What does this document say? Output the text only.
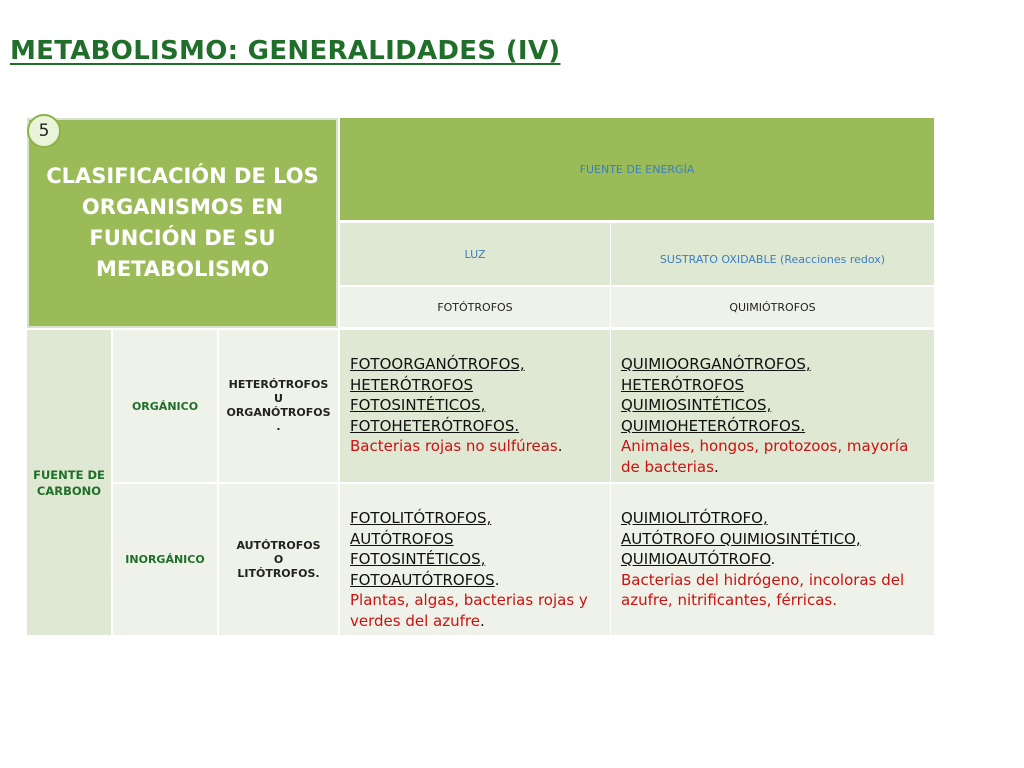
METABOLISMO: GENERALIDADES (IV)
5
CLASIFICACIÓN DE LOS ORGANISMOS EN FUNCIÓN DE SU METABOLISMO
FUENTE DE ENERGÍA
LUZ	SUSTRATO OXIDABLE (Reacciones redox)
FOTÓTROFOS	QUIMIÓTROFOS
FUENTE DE CARBONO
ORGÁNICO
INORGÁNICO
HETERÓTROFOS
U
ORGANÓTROFOS
.
AUTÓTROFOS
O
LITÓTROFOS.
FOTOORGANÓTROFOS,
HETERÓTROFOS
FOTOSINTÉTICOS,
FOTOHETERÓTROFOS.
Bacterias rojas no sulfúreas.
QUIMIOORGANÓTROFOS,
HETERÓTROFOS
QUIMIOSINTÉTICOS,
QUIMIOHETERÓTROFOS.
Animales, hongos, protozoos, mayoría de bacterias.
FOTOLITÓTROFOS,
AUTÓTROFOS
FOTOSINTÉTICOS,
FOTOAUTÓTROFOS.
Plantas, algas, bacterias rojas y verdes del azufre.
QUIMIOLITÓTROFO,
AUTÓTROFO QUIMIOSINTÉTICO,
QUIMIOAUTÓTROFO.
Bacterias del hidrógeno, incoloras del azufre, nitrificantes, férricas.
